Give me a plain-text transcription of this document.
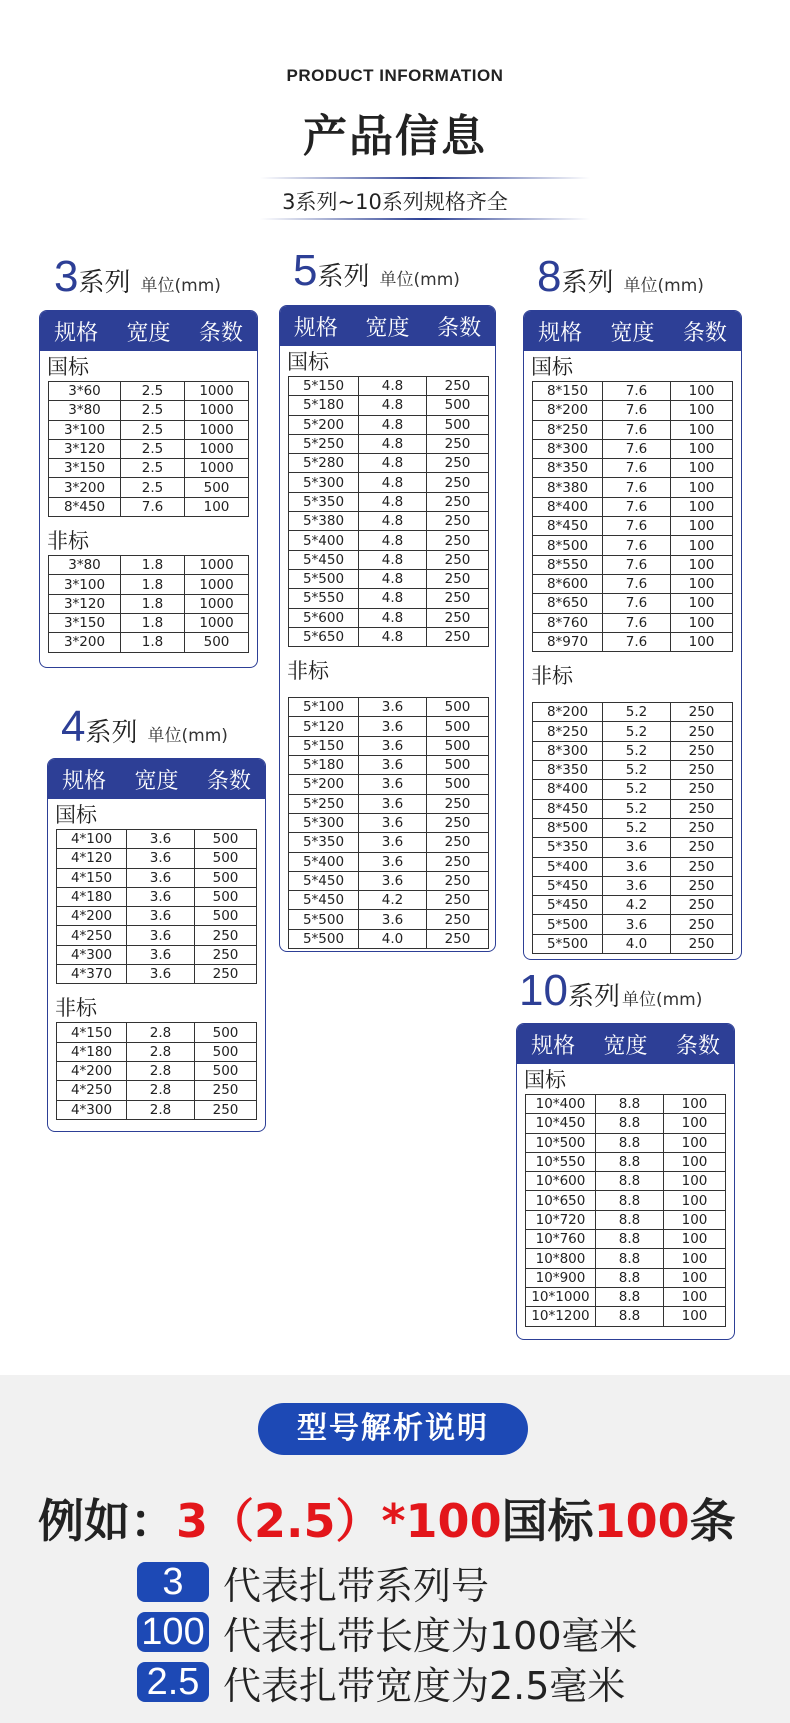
PRODUCT INFORMATION
产品信息
3系列~10系列规格齐全
3系列 单位(mm)
规格 宽度 条数
国标
3*60	2.5	1000
3*80	2.5	1000
3*100	2.5	1000
3*120	2.5	1000
3*150	2.5	1000
3*200	2.5	500
8*450	7.6	100
非标
3*80	1.8	1000
3*100	1.8	1000
3*120	1.8	1000
3*150	1.8	1000
3*200	1.8	500
4系列 单位(mm)
规格 宽度 条数
国标
4*100	3.6	500
4*120	3.6	500
4*150	3.6	500
4*180	3.6	500
4*200	3.6	500
4*250	3.6	250
4*300	3.6	250
4*370	3.6	250
非标
4*150	2.8	500
4*180	2.8	500
4*200	2.8	500
4*250	2.8	250
4*300	2.8	250
5系列 单位(mm)
规格 宽度 条数
国标
5*150	4.8	250
5*180	4.8	500
5*200	4.8	500
5*250	4.8	250
5*280	4.8	250
5*300	4.8	250
5*350	4.8	250
5*380	4.8	250
5*400	4.8	250
5*450	4.8	250
5*500	4.8	250
5*550	4.8	250
5*600	4.8	250
5*650	4.8	250
非标
5*100	3.6	500
5*120	3.6	500
5*150	3.6	500
5*180	3.6	500
5*200	3.6	500
5*250	3.6	250
5*300	3.6	250
5*350	3.6	250
5*400	3.6	250
5*450	3.6	250
5*450	4.2	250
5*500	3.6	250
5*500	4.0	250
8系列 单位(mm)
规格 宽度 条数
国标
8*150	7.6	100
8*200	7.6	100
8*250	7.6	100
8*300	7.6	100
8*350	7.6	100
8*380	7.6	100
8*400	7.6	100
8*450	7.6	100
8*500	7.6	100
8*550	7.6	100
8*600	7.6	100
8*650	7.6	100
8*760	7.6	100
8*970	7.6	100
非标
8*200	5.2	250
8*250	5.2	250
8*300	5.2	250
8*350	5.2	250
8*400	5.2	250
8*450	5.2	250
8*500	5.2	250
5*350	3.6	250
5*400	3.6	250
5*450	3.6	250
5*450	4.2	250
5*500	3.6	250
5*500	4.0	250
10系列 单位(mm)
规格 宽度 条数
国标
10*400	8.8	100
10*450	8.8	100
10*500	8.8	100
10*550	8.8	100
10*600	8.8	100
10*650	8.8	100
10*720	8.8	100
10*760	8.8	100
10*800	8.8	100
10*900	8.8	100
10*1000	8.8	100
10*1200	8.8	100
型号解析说明
例如：3（2.5）*100国标100条
3	代表扎带系列号
100 代表扎带长度为100毫米
2.5 代表扎带宽度为2.5毫米
